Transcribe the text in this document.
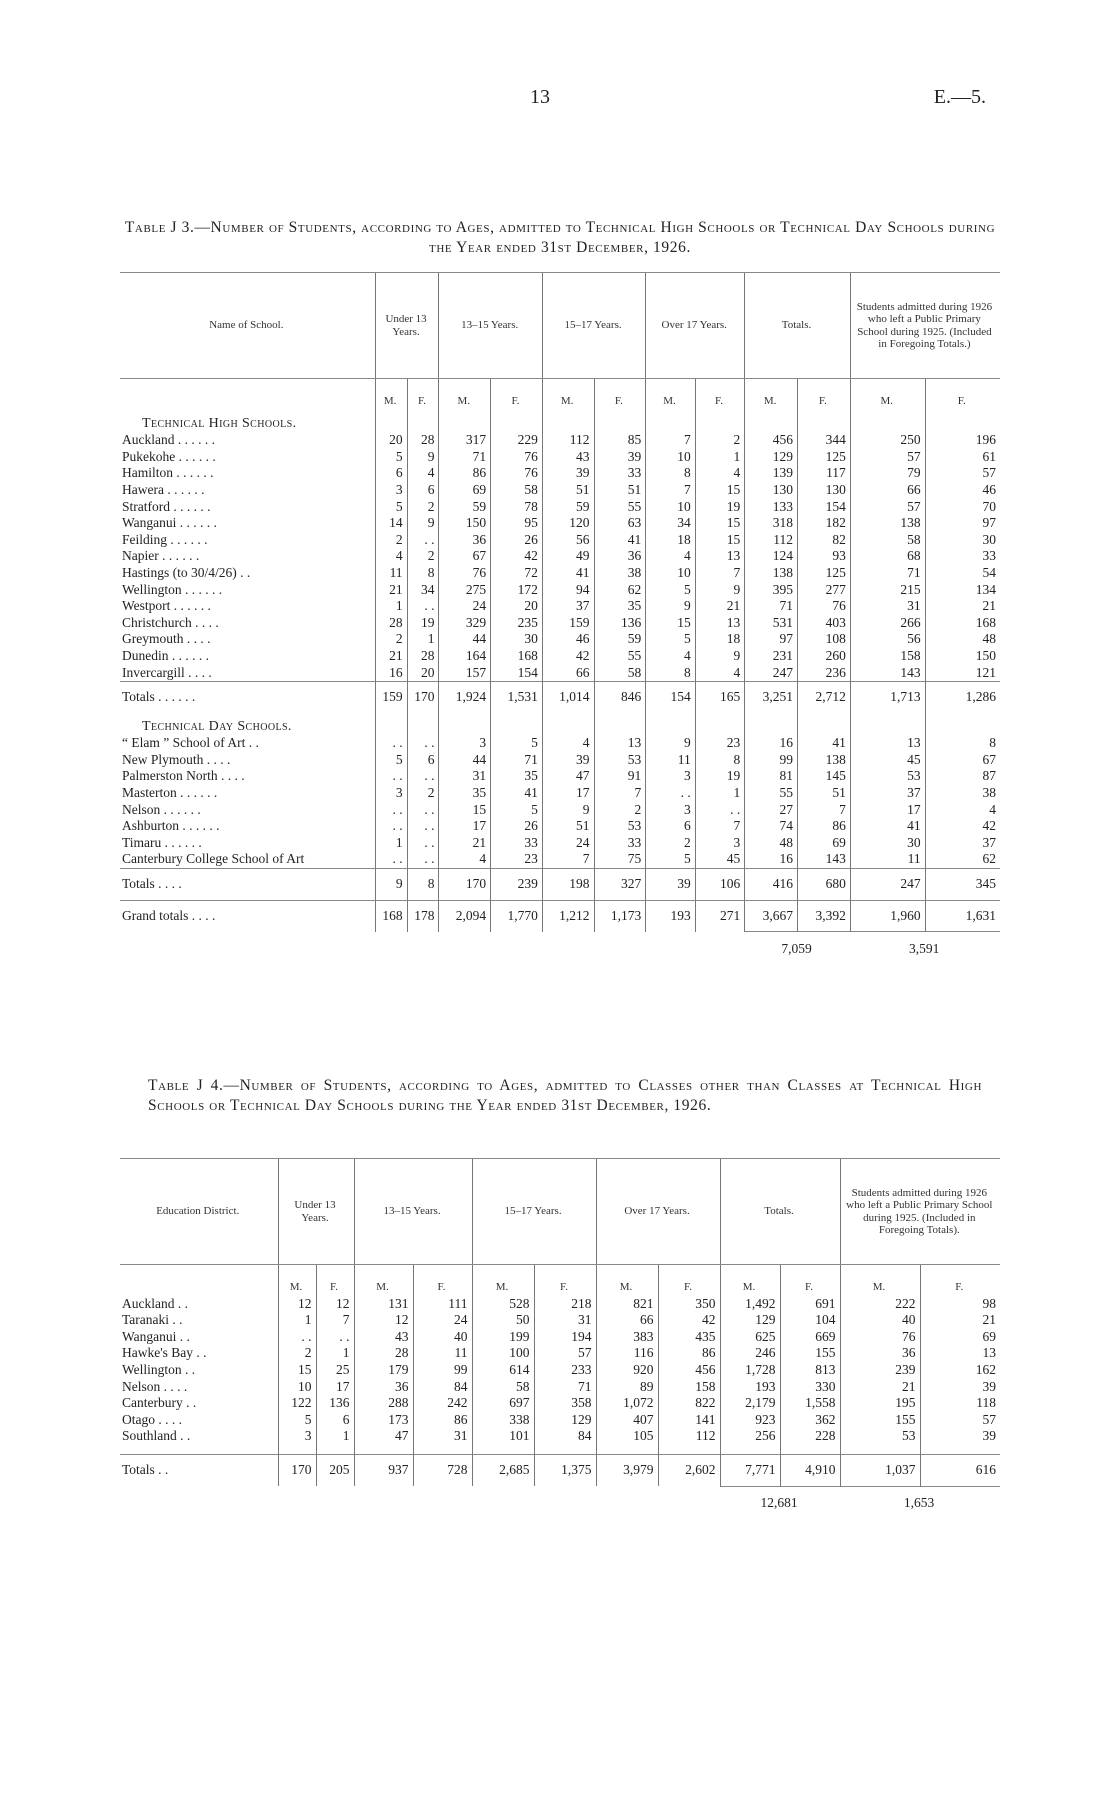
13	E.—5.
Table J 3.—Number of Students, according to Ages, admitted to Technical High Schools or Technical Day Schools during the Year ended 31st December, 1926.
Name of School.	Under 13 Years.		13–15 Years.		15–17 Years.		Over 17 Years.		Totals.		Students admitted during 1926 who left a Public Primary School during 1925. (Included in Foregoing Totals.)	
	M.	F.	M.	F.	M.	F.	M.	F.	M.	F.	M.	F.
Technical High Schools.												
Auckland . . . . . .	20	28	317	229	112	85	7	2	456	344	250	196
Pukekohe . . . . . .	5	9	71	76	43	39	10	1	129	125	57	61
Hamilton . . . . . .	6	4	86	76	39	33	8	4	139	117	79	57
Hawera . . . . . .	3	6	69	58	51	51	7	15	130	130	66	46
Stratford . . . . . .	5	2	59	78	59	55	10	19	133	154	57	70
Wanganui . . . . . .	14	9	150	95	120	63	34	15	318	182	138	97
Feilding . . . . . .	2	. .	36	26	56	41	18	15	112	82	58	30
Napier . . . . . .	4	2	67	42	49	36	4	13	124	93	68	33
Hastings (to 30/4/26) . .	11	8	76	72	41	38	10	7	138	125	71	54
Wellington . . . . . .	21	34	275	172	94	62	5	9	395	277	215	134
Westport . . . . . .	1	. .	24	20	37	35	9	21	71	76	31	21
Christchurch . . . .	28	19	329	235	159	136	15	13	531	403	266	168
Greymouth . . . .	2	1	44	30	46	59	5	18	97	108	56	48
Dunedin . . . . . .	21	28	164	168	42	55	4	9	231	260	158	150
Invercargill . . . .	16	20	157	154	66	58	8	4	247	236	143	121
Totals . . . . . .	159	170	1,924	1,531	1,014	846	154	165	3,251	2,712	1,713	1,286
Technical Day Schools.												
“ Elam ” School of Art . .	. .	. .	3	5	4	13	9	23	16	41	13	8
New Plymouth . . . .	5	6	44	71	39	53	11	8	99	138	45	67
Palmerston North . . . .	. .	. .	31	35	47	91	3	19	81	145	53	87
Masterton . . . . . .	3	2	35	41	17	7	. .	1	55	51	37	38
Nelson . . . . . .	. .	. .	15	5	9	2	3	. .	27	7	17	4
Ashburton . . . . . .	. .	. .	17	26	51	53	6	7	74	86	41	42
Timaru . . . . . .	1	. .	21	33	24	33	2	3	48	69	30	37
Canterbury College School of Art	. .	. .	4	23	7	75	5	45	16	143	11	62
Totals . . . .	9	8	170	239	198	327	39	106	416	680	247	345
Grand totals . . . .	168	178	2,094	1,770	1,212	1,173	193	271	3,667	3,392	1,960	1,631
									7,059		3,591	
Table J 4.—Number of Students, according to Ages, admitted to Classes other than Classes at Technical High Schools or Technical Day Schools during the Year ended 31st December, 1926.
Education District.	Under 13 Years.		13–15 Years.		15–17 Years.		Over 17 Years.		Totals.		Students admitted during 1926 who left a Public Primary School during 1925. (Included in Foregoing Totals).	
	M.	F.	M.	F.	M.	F.	M.	F.	M.	F.	M.	F.
Auckland . .	12	12	131	111	528	218	821	350	1,492	691	222	98
Taranaki . .	1	7	12	24	50	31	66	42	129	104	40	21
Wanganui . .	. .	. .	43	40	199	194	383	435	625	669	76	69
Hawke's Bay . .	2	1	28	11	100	57	116	86	246	155	36	13
Wellington . .	15	25	179	99	614	233	920	456	1,728	813	239	162
Nelson . . . .	10	17	36	84	58	71	89	158	193	330	21	39
Canterbury . .	122	136	288	242	697	358	1,072	822	2,179	1,558	195	118
Otago . . . .	5	6	173	86	338	129	407	141	923	362	155	57
Southland . .	3	1	47	31	101	84	105	112	256	228	53	39

Totals . .	170	205	937	728	2,685	1,375	3,979	2,602	7,771	4,910	1,037	616
									12,681		1,653	
